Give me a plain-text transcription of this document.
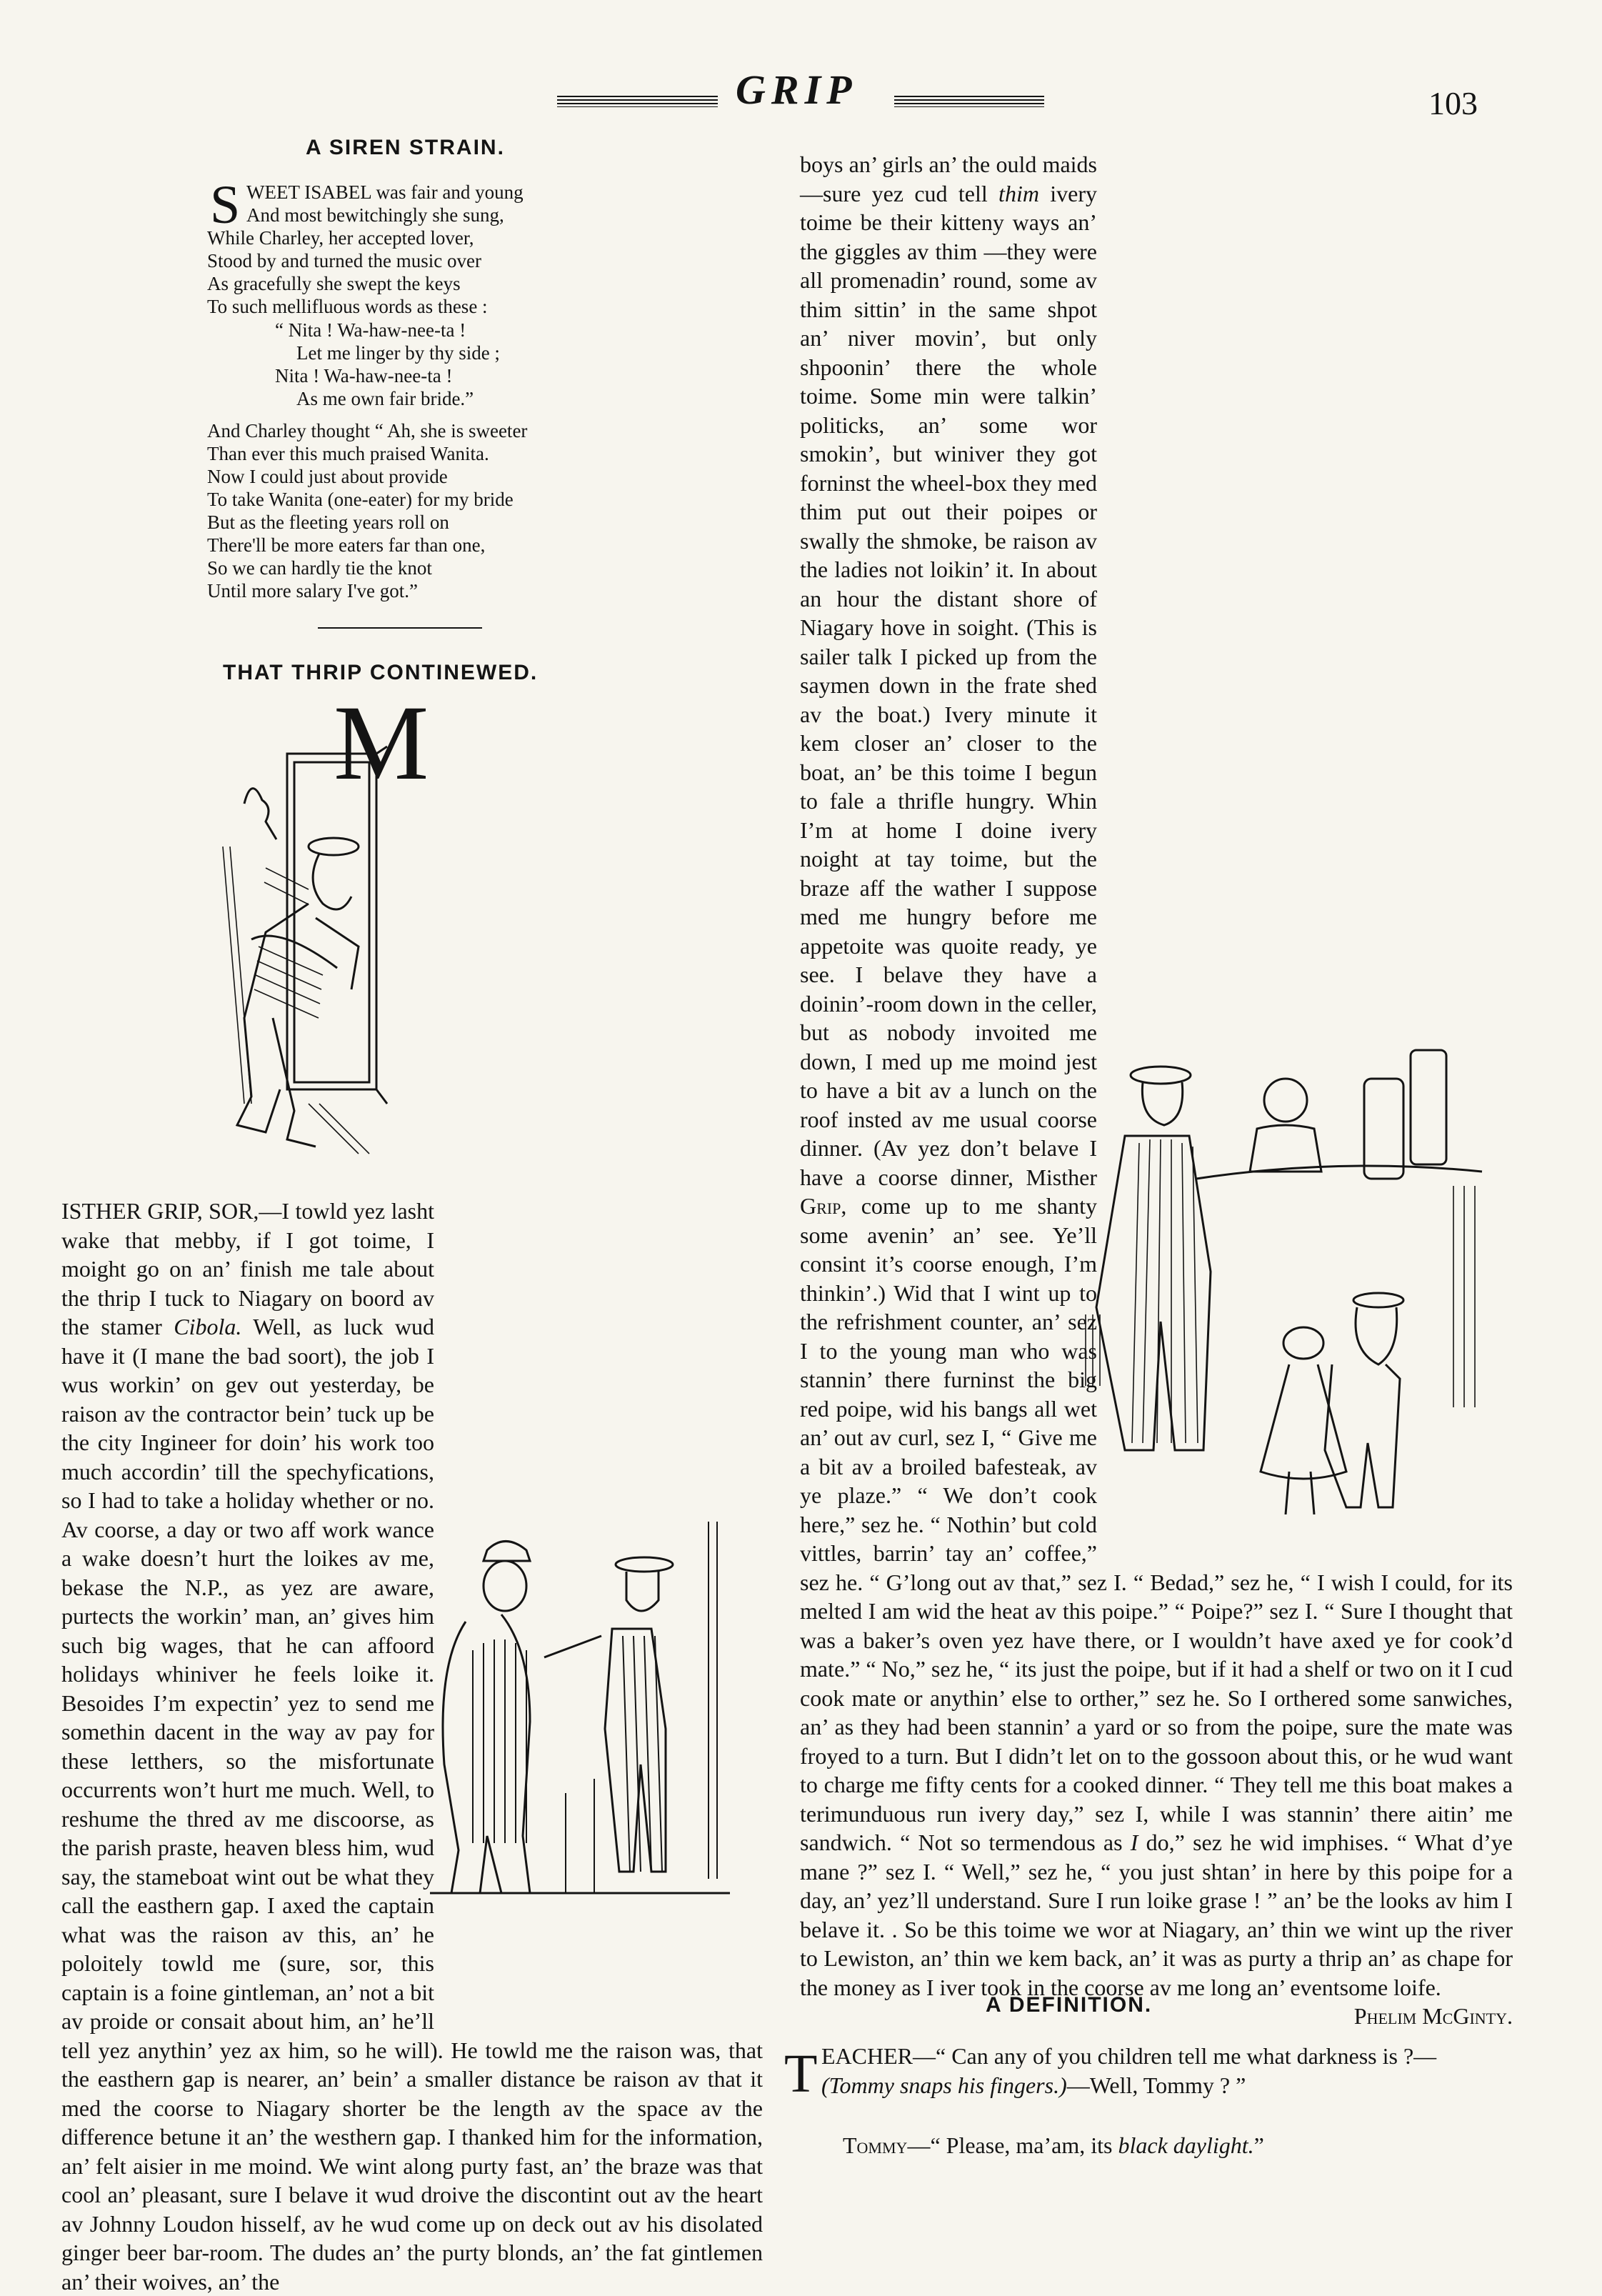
GRIP	103
A SIREN STRAIN.
S WEET ISABEL was fair and young
And most bewitchingly she sung,
While Charley, her accepted lover,
Stood by and turned the music over
As gracefully she swept the keys
To such mellifluous words as these :
“ Nita ! Wa-haw-nee-ta !
Let me linger by thy side ;
Nita ! Wa-haw-nee-ta !
As me own fair bride.”
And Charley thought “ Ah, she is sweeter
Than ever this much praised Wanita.
Now I could just about provide
To take Wanita (one-eater) for my bride
But as the fleeting years roll on
There'll be more eaters far than one,
So we can hardly tie the knot
Until more salary I've got.”
THAT THRIP CONTINEWED.

ISTHER GRIP, SOR,—I towld yez lasht wake that mebby, if I got toime, I moight go on an’ finish me tale about the thrip I tuck to Niagary on boord av the stamer Cibola. Well, as luck wud have it (I mane the bad soort), the job I wus workin’ on gev out yesterday, be raison av the contractor bein’ tuck up be the city Ingineer for doin’ his work too much accordin’ till the spechyfications, so I had to take a holiday whether or no. Av coorse, a day or two aff work wance a wake doesn’t hurt the loikes av me, bekase the N.P., as yez are aware, purtects the workin’ man, an’ gives him such big wages, that he can affoord holidays whiniver he feels loike it. Besoides I’m expectin’ yez to send me somethin dacent in the way av pay for these letthers, so the misfortunate occurrents won’t hurt me much. Well, to reshume the thred av me discoorse, as the parish praste, heaven bless him, wud say, the stameboat wint out be what they call the easthern gap. I axed the captain what was the raison av this, an’ he poloitely towld me (sure, sor, this captain is a foine gintleman, an’ not a bit av proide or consait about him, an’ he’ll tell yez anythin’ yez ax him, so he will). He towld me the raison was, that the easthern gap is nearer, an’ bein’ a smaller distance be raison av that it med the coorse to Niagary shorter be the length av the space av the difference betune it an’ the westhern gap. I thanked him for the information, an’ felt aisier in me moind. We wint along purty fast, an’ the braze was that cool an’ pleasant, sure I belave it wud droive the discontint out av the heart av Johnny Loudon hisself, av he wud come up on deck out av his disolated ginger beer bar-room. The dudes an’ the purty blonds, an’ the fat gintlemen an’ their woives, an’ the

M

boys an’ girls an’ the ould maids—sure yez cud tell thim ivery toime be their kitteny ways an’ the giggles av thim —they were all promenadin’ round, some av thim sittin’ in the same shpot an’ niver movin’, but only shpoonin’ there the whole toime. Some min were talkin’ politicks, an’ some wor smokin’, but winiver they got forninst the wheel-box they med thim put out their poipes or swally the shmoke, be raison av the ladies not loikin’ it. In about an hour the distant shore of Niagary hove in soight. (This is sailer talk I picked up from the saymen down in the frate shed av the boat.) Ivery minute it kem closer an’ closer to the boat, an’ be this toime I begun to fale a thrifle hungry. Whin I’m at home I doine ivery noight at tay toime, but the braze aff the wather I suppose med me hungry before me appetoite was quoite ready, ye see. I belave they have a doinin’-room down in the celler, but as nobody invoited me down, I med up me moind jest to have a bit av a lunch on the roof insted av me usual coorse dinner. (Av yez don’t belave I have a coorse dinner, Misther Grip, come up to me shanty some avenin’ an’ see. Ye’ll consint it’s coorse enough, I’m thinkin’.) Wid that I wint up to the refrishment counter, an’ sez I to the young man who was stannin’ there furninst the big red poipe, wid his bangs all wet an’ out av curl, sez I, “ Give me a bit av a broiled bafesteak, av ye plaze.” “ We don’t cook here,” sez he. “ Nothin’ but cold vittles, barrin’ tay an’ coffee,” sez he. “ G’long out av that,” sez I. “ Bedad,” sez he, “ I wish I could, for its melted I am wid the heat av this poipe.” “ Poipe?” sez I. “ Sure I thought that was a baker’s oven yez have there, or I wouldn’t have axed ye for cook’d mate.” “ No,” sez he, “ its just the poipe, but if it had a shelf or two on it I cud cook mate or anythin’ else to orther,” sez he. So I orthered some sanwiches, an’ as they had been stannin’ a yard or so from the poipe, sure the mate was froyed to a turn. But I didn’t let on to the gossoon about this, or he wud want to charge me fifty cents for a cooked dinner. “ They tell me this boat makes a terimunduous run ivery day,” sez I, while I was stannin’ there aitin’ me sandwich. “ Not so termendous as I do,” sez he wid imphises. “ What d’ye mane ?” sez I. “ Well,” sez he, “ you just shtan’ in here by this poipe for a day, an’ yez’ll understand. Sure I run loike grase ! ” an’ be the looks av him I belave it. . So be this toime we wor at Niagary, an’ thin we wint up the river to Lewiston, an’ thin we kem back, an’ it was as purty a thrip an’ as chape for the money as I iver took in the coorse av me long an’ eventsome loife.
Phelim McGinty.

A DEFINITION.
T EACHER—“ Can any of you children tell me what darkness is ?—(Tommy snaps his fingers.)—Well, Tommy ? ”

Tommy—“ Please, ma’am, its black daylight.”
